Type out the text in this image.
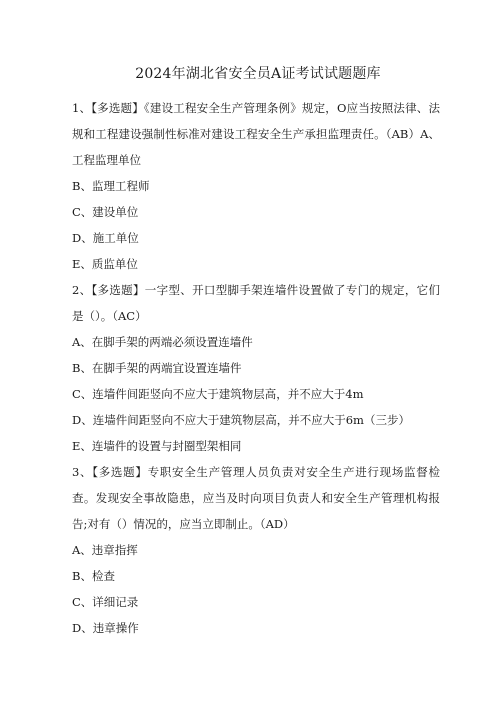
2024年湖北省安全员A证考试试题题库

1、【多选题】《建设工程安全生产管理条例》规定，O应当按照法律、法规和工程建设强制性标准对建设工程安全生产承担监理责任。（AB）A、工程监理单位

B、监理工程师

C、建设单位

D、施工单位

E、质监单位

2、【多选题】一字型、开口型脚手架连墙件设置做了专门的规定，它们是（）。（AC）

A、在脚手架的两端必须设置连墙件

B、在脚手架的两端宜设置连墙件

C、连墙件间距竖向不应大于建筑物层高，并不应大于4m

D、连墙件间距竖向不应大于建筑物层高，并不应大于6m（三步）

E、连墙件的设置与封圈型架相同

3、【多选题】专职安全生产管理人员负责对安全生产进行现场监督检查。发现安全事故隐患，应当及时向项目负责人和安全生产管理机构报告;对有（）情况的，应当立即制止。（AD）

A、违章指挥

B、检查

C、详细记录

D、违章操作
